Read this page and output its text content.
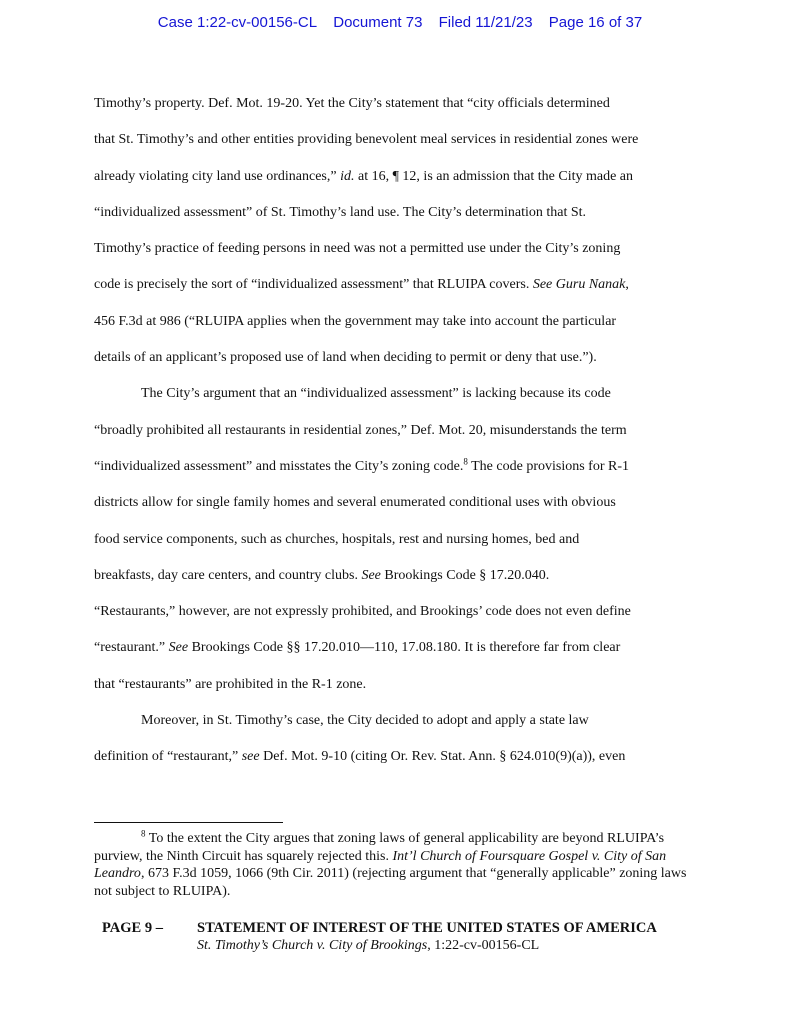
Case 1:22-cv-00156-CL Document 73 Filed 11/21/23 Page 16 of 37

Timothy’s property. Def. Mot. 19-20. Yet the City’s statement that “city officials determined
that St. Timothy’s and other entities providing benevolent meal services in residential zones were
already violating city land use ordinances,” id. at 16, ¶ 12, is an admission that the City made an
“individualized assessment” of St. Timothy’s land use. The City’s determination that St.
Timothy’s practice of feeding persons in need was not a permitted use under the City’s zoning
code is precisely the sort of “individualized assessment” that RLUIPA covers. See Guru Nanak,
456 F.3d at 986 (“RLUIPA applies when the government may take into account the particular
details of an applicant’s proposed use of land when deciding to permit or deny that use.”).

The City’s argument that an “individualized assessment” is lacking because its code
“broadly prohibited all restaurants in residential zones,” Def. Mot. 20, misunderstands the term
“individualized assessment” and misstates the City’s zoning code.$^8$ The code provisions for R-1
districts allow for single family homes and several enumerated conditional uses with obvious
food service components, such as churches, hospitals, rest and nursing homes, bed and
breakfasts, day care centers, and country clubs. See Brookings Code § 17.20.040.
“Restaurants,” however, are not expressly prohibited, and Brookings’ code does not even define
“restaurant.” See Brookings Code §§ 17.20.010—110, 17.08.180. It is therefore far from clear
that “restaurants” are prohibited in the R-1 zone.

Moreover, in St. Timothy’s case, the City decided to adopt and apply a state law
definition of “restaurant,” see Def. Mot. 9-10 (citing Or. Rev. Stat. Ann. § 624.010(9)(a)), even

$^8$ To the extent the City argues that zoning laws of general applicability are beyond RLUIPA’s purview, the Ninth Circuit has squarely rejected this. Int’l Church of Foursquare Gospel v. City of San Leandro, 673 F.3d 1059, 1066 (9th Cir. 2011) (rejecting argument that “generally applicable” zoning laws not subject to RLUIPA).

PAGE 9 –	STATEMENT OF INTEREST OF THE UNITED STATES OF AMERICA
St. Timothy’s Church v. City of Brookings, 1:22-cv-00156-CL
